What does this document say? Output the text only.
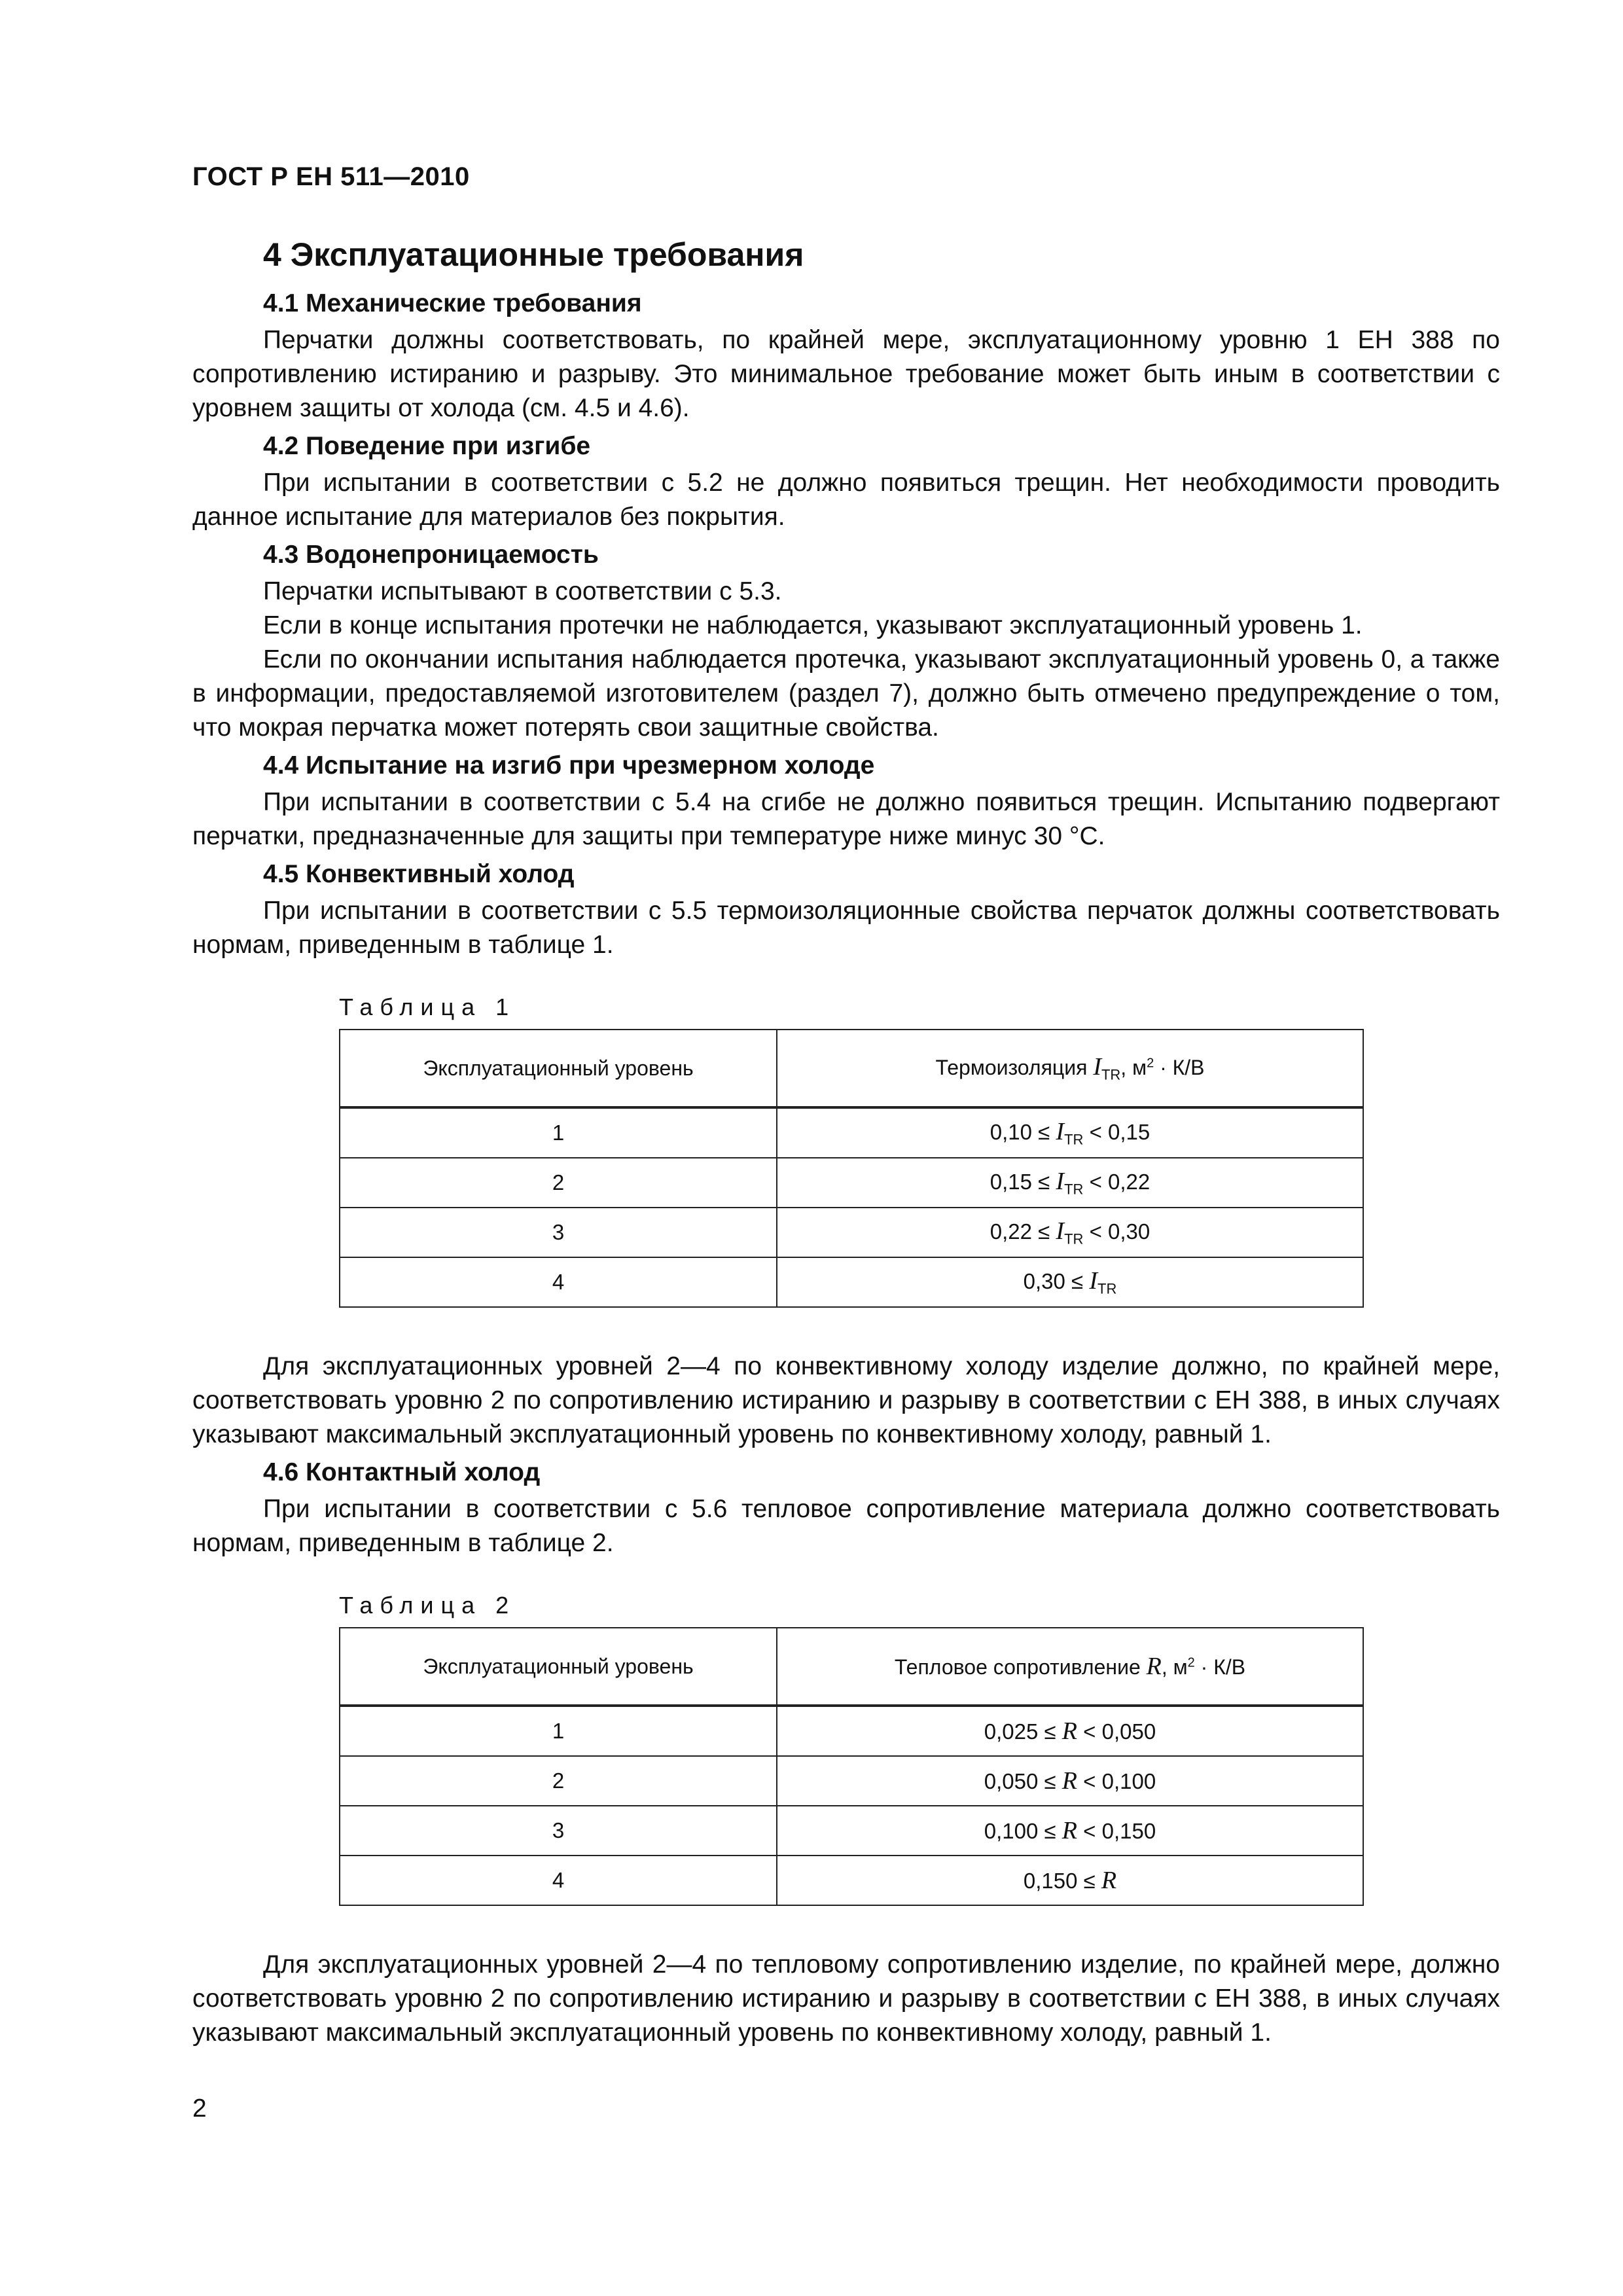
ГОСТ Р ЕН 511—2010
4 Эксплуатационные требования
4.1 Механические требования

Перчатки должны соответствовать, по крайней мере, эксплуатационному уровню 1 ЕН 388 по сопротивлению истиранию и разрыву. Это минимальное требование может быть иным в соответствии с уровнем защиты от холода (см. 4.5 и 4.6).

4.2 Поведение при изгибе

При испытании в соответствии с 5.2 не должно появиться трещин. Нет необходимости проводить данное испытание для материалов без покрытия.

4.3 Водонепроницаемость

Перчатки испытывают в соответствии с 5.3.

Если в конце испытания протечки не наблюдается, указывают эксплуатационный уровень 1.

Если по окончании испытания наблюдается протечка, указывают эксплуатационный уровень 0, а также в информации, предоставляемой изготовителем (раздел 7), должно быть отмечено предупреждение о том, что мокрая перчатка может потерять свои защитные свойства.

4.4 Испытание на изгиб при чрезмерном холоде

При испытании в соответствии с 5.4 на сгибе не должно появиться трещин. Испытанию подвергают перчатки, предназначенные для защиты при температуре ниже минус 30 °С.

4.5 Конвективный холод

При испытании в соответствии с 5.5 термоизоляционные свойства перчаток должны соответствовать нормам, приведенным в таблице 1.

Таблица 1
Эксплуатационный уровень	Термоизоляция $I_{TR}$, $м^2 \cdot К/В$
1	$0,10 \le I_{TR} < 0,15$
2	$0,15 \le I_{TR} < 0,22$
3	$0,22 \le I_{TR} < 0,30$
4	$0,30 \le I_{TR}$

Для эксплуатационных уровней 2—4 по конвективному холоду изделие должно, по крайней мере, соответствовать уровню 2 по сопротивлению истиранию и разрыву в соответствии с ЕН 388, в иных случаях указывают максимальный эксплуатационный уровень по конвективному холоду, равный 1.

4.6 Контактный холод

При испытании в соответствии с 5.6 тепловое сопротивление материала должно соответствовать нормам, приведенным в таблице 2.

Таблица 2
Эксплуатационный уровень	Тепловое сопротивление R, $м^2 \cdot К/В$
1	0,025 ≤ R < 0,050
2	0,050 ≤ R < 0,100
3	0,100 ≤ R < 0,150
4	0,150 ≤ R

Для эксплуатационных уровней 2—4 по тепловому сопротивлению изделие, по крайней мере, должно соответствовать уровню 2 по сопротивлению истиранию и разрыву в соответствии с ЕН 388, в иных случаях указывают максимальный эксплуатационный уровень по конвективному холоду, равный 1.

2
